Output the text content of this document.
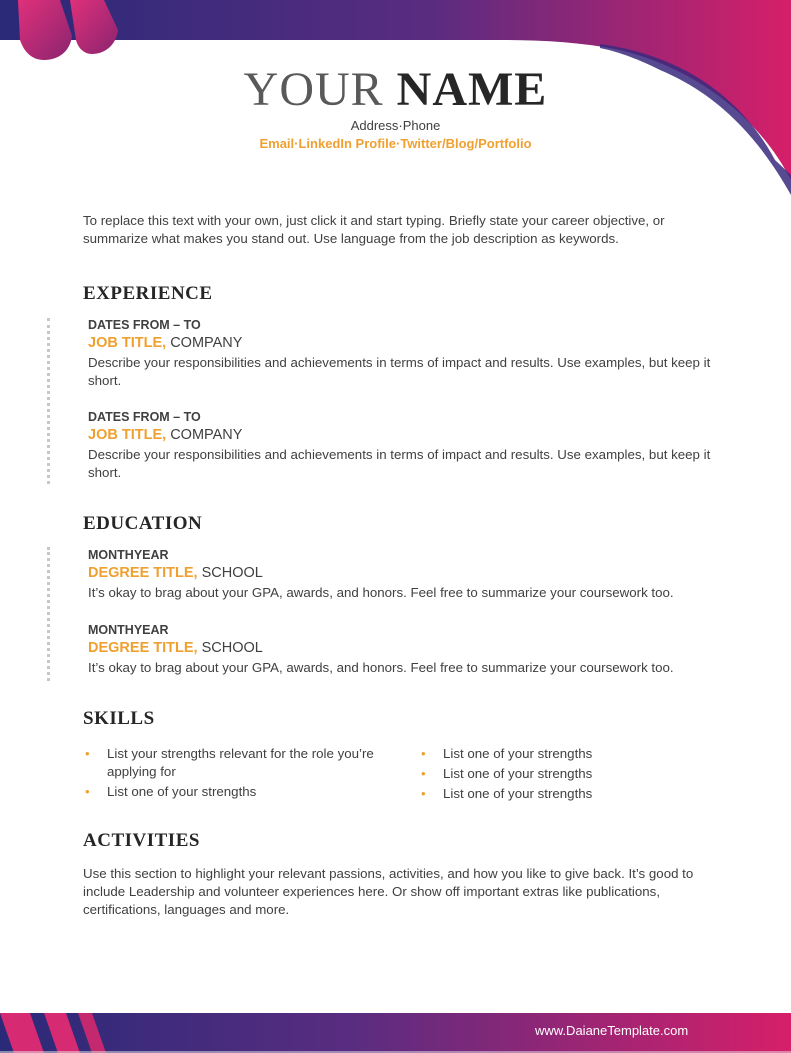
YOUR NAME
Address·Phone
Email·LinkedIn Profile·Twitter/Blog/Portfolio
To replace this text with your own, just click it and start typing. Briefly state your career objective, or summarize what makes you stand out. Use language from the job description as keywords.
EXPERIENCE
DATES FROM – TO
JOB TITLE, COMPANY
Describe your responsibilities and achievements in terms of impact and results. Use examples, but keep it short.
DATES FROM – TO
JOB TITLE, COMPANY
Describe your responsibilities and achievements in terms of impact and results. Use examples, but keep it short.
EDUCATION
MONTHYEAR
DEGREE TITLE, SCHOOL
It’s okay to brag about your GPA, awards, and honors. Feel free to summarize your coursework too.
MONTHYEAR
DEGREE TITLE, SCHOOL
It’s okay to brag about your GPA, awards, and honors. Feel free to summarize your coursework too.
SKILLS
• List your strengths relevant for the role you’re applying for
• List one of your strengths
• List one of your strengths
• List one of your strengths
• List one of your strengths
ACTIVITIES
Use this section to highlight your relevant passions, activities, and how you like to give back. It’s good to include Leadership and volunteer experiences here. Or show off important extras like publications, certifications, languages and more.
www.DaianeTemplate.com
